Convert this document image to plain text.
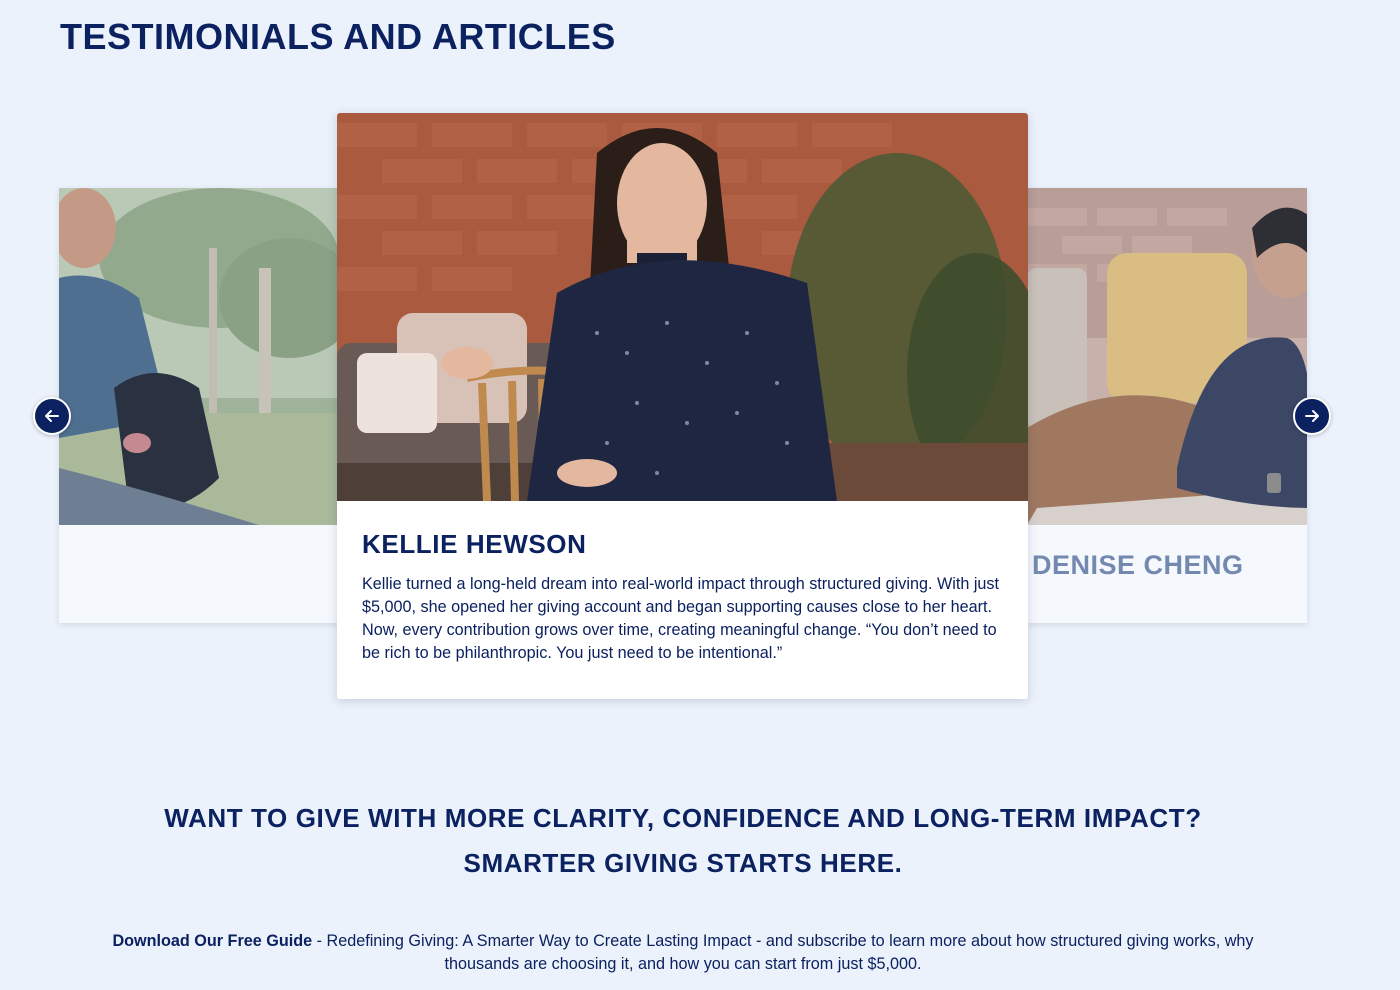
TESTIMONIALS AND ARTICLES
DENISE CHENG
KELLIE HEWSON

Kellie turned a long-held dream into real-world impact through structured giving. With just $5,000, she opened her giving account and began supporting causes close to her heart. Now, every contribution grows over time, creating meaningful change. “You don’t need to be rich to be philanthropic. You just need to be intentional.”

WANT TO GIVE WITH MORE CLARITY, CONFIDENCE AND LONG-TERM IMPACT?
SMARTER GIVING STARTS HERE.

Download Our Free Guide - Redefining Giving: A Smarter Way to Create Lasting Impact - and subscribe to learn more about how structured giving works, why thousands are choosing it, and how you can start from just $5,000.
